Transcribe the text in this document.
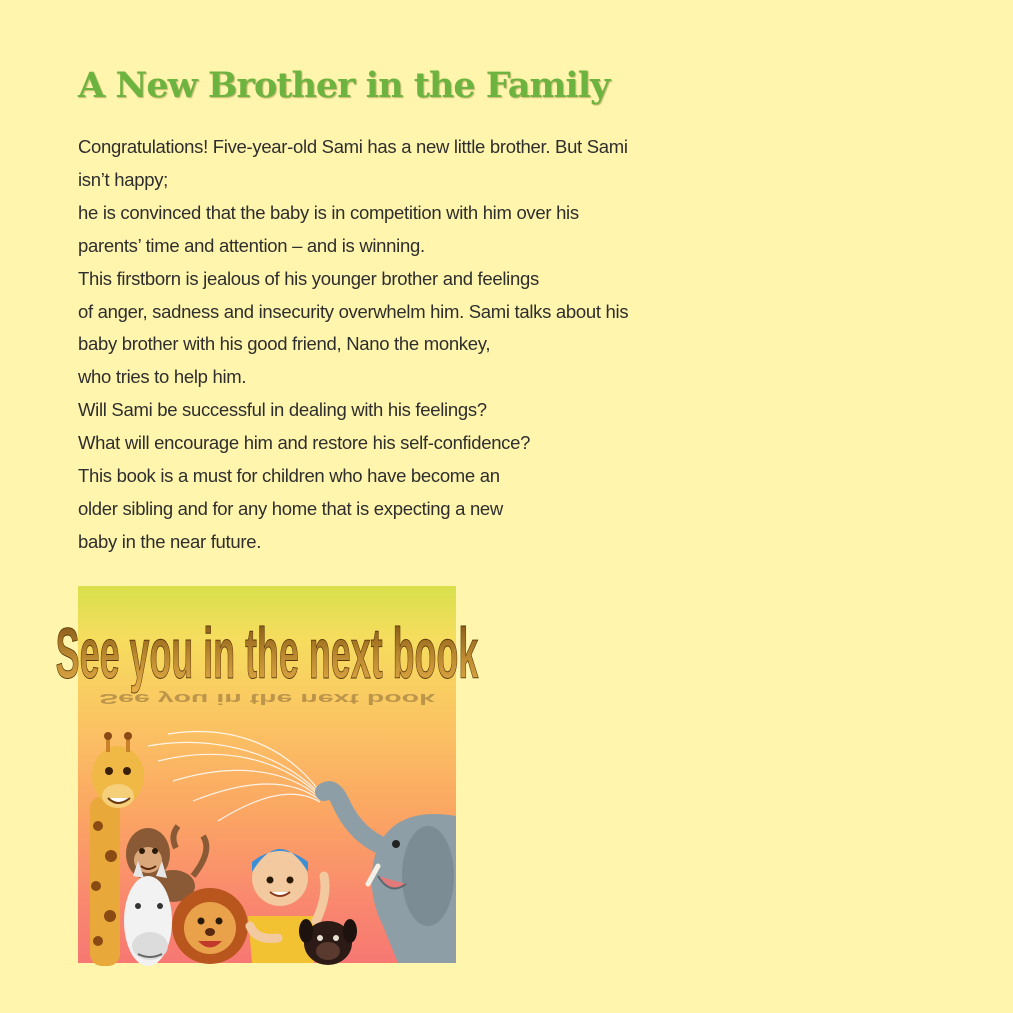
A New Brother in the Family
Congratulations! Five-year-old Sami has a new little brother. But Sami
isn’t happy;
he is convinced that the baby is in competition with him over his
parents’ time and attention – and is winning.
This firstborn is jealous of his younger brother and feelings
of anger, sadness and insecurity overwhelm him. Sami talks about his
baby brother with his good friend, Nano the monkey,
who tries to help him.
Will Sami be successful in dealing with his feelings?
What will encourage him and restore his self-confidence?
This book is a must for children who have become an
older sibling and for any home that is expecting a new
baby in the near future.
See you in the next book
See you in the next book
